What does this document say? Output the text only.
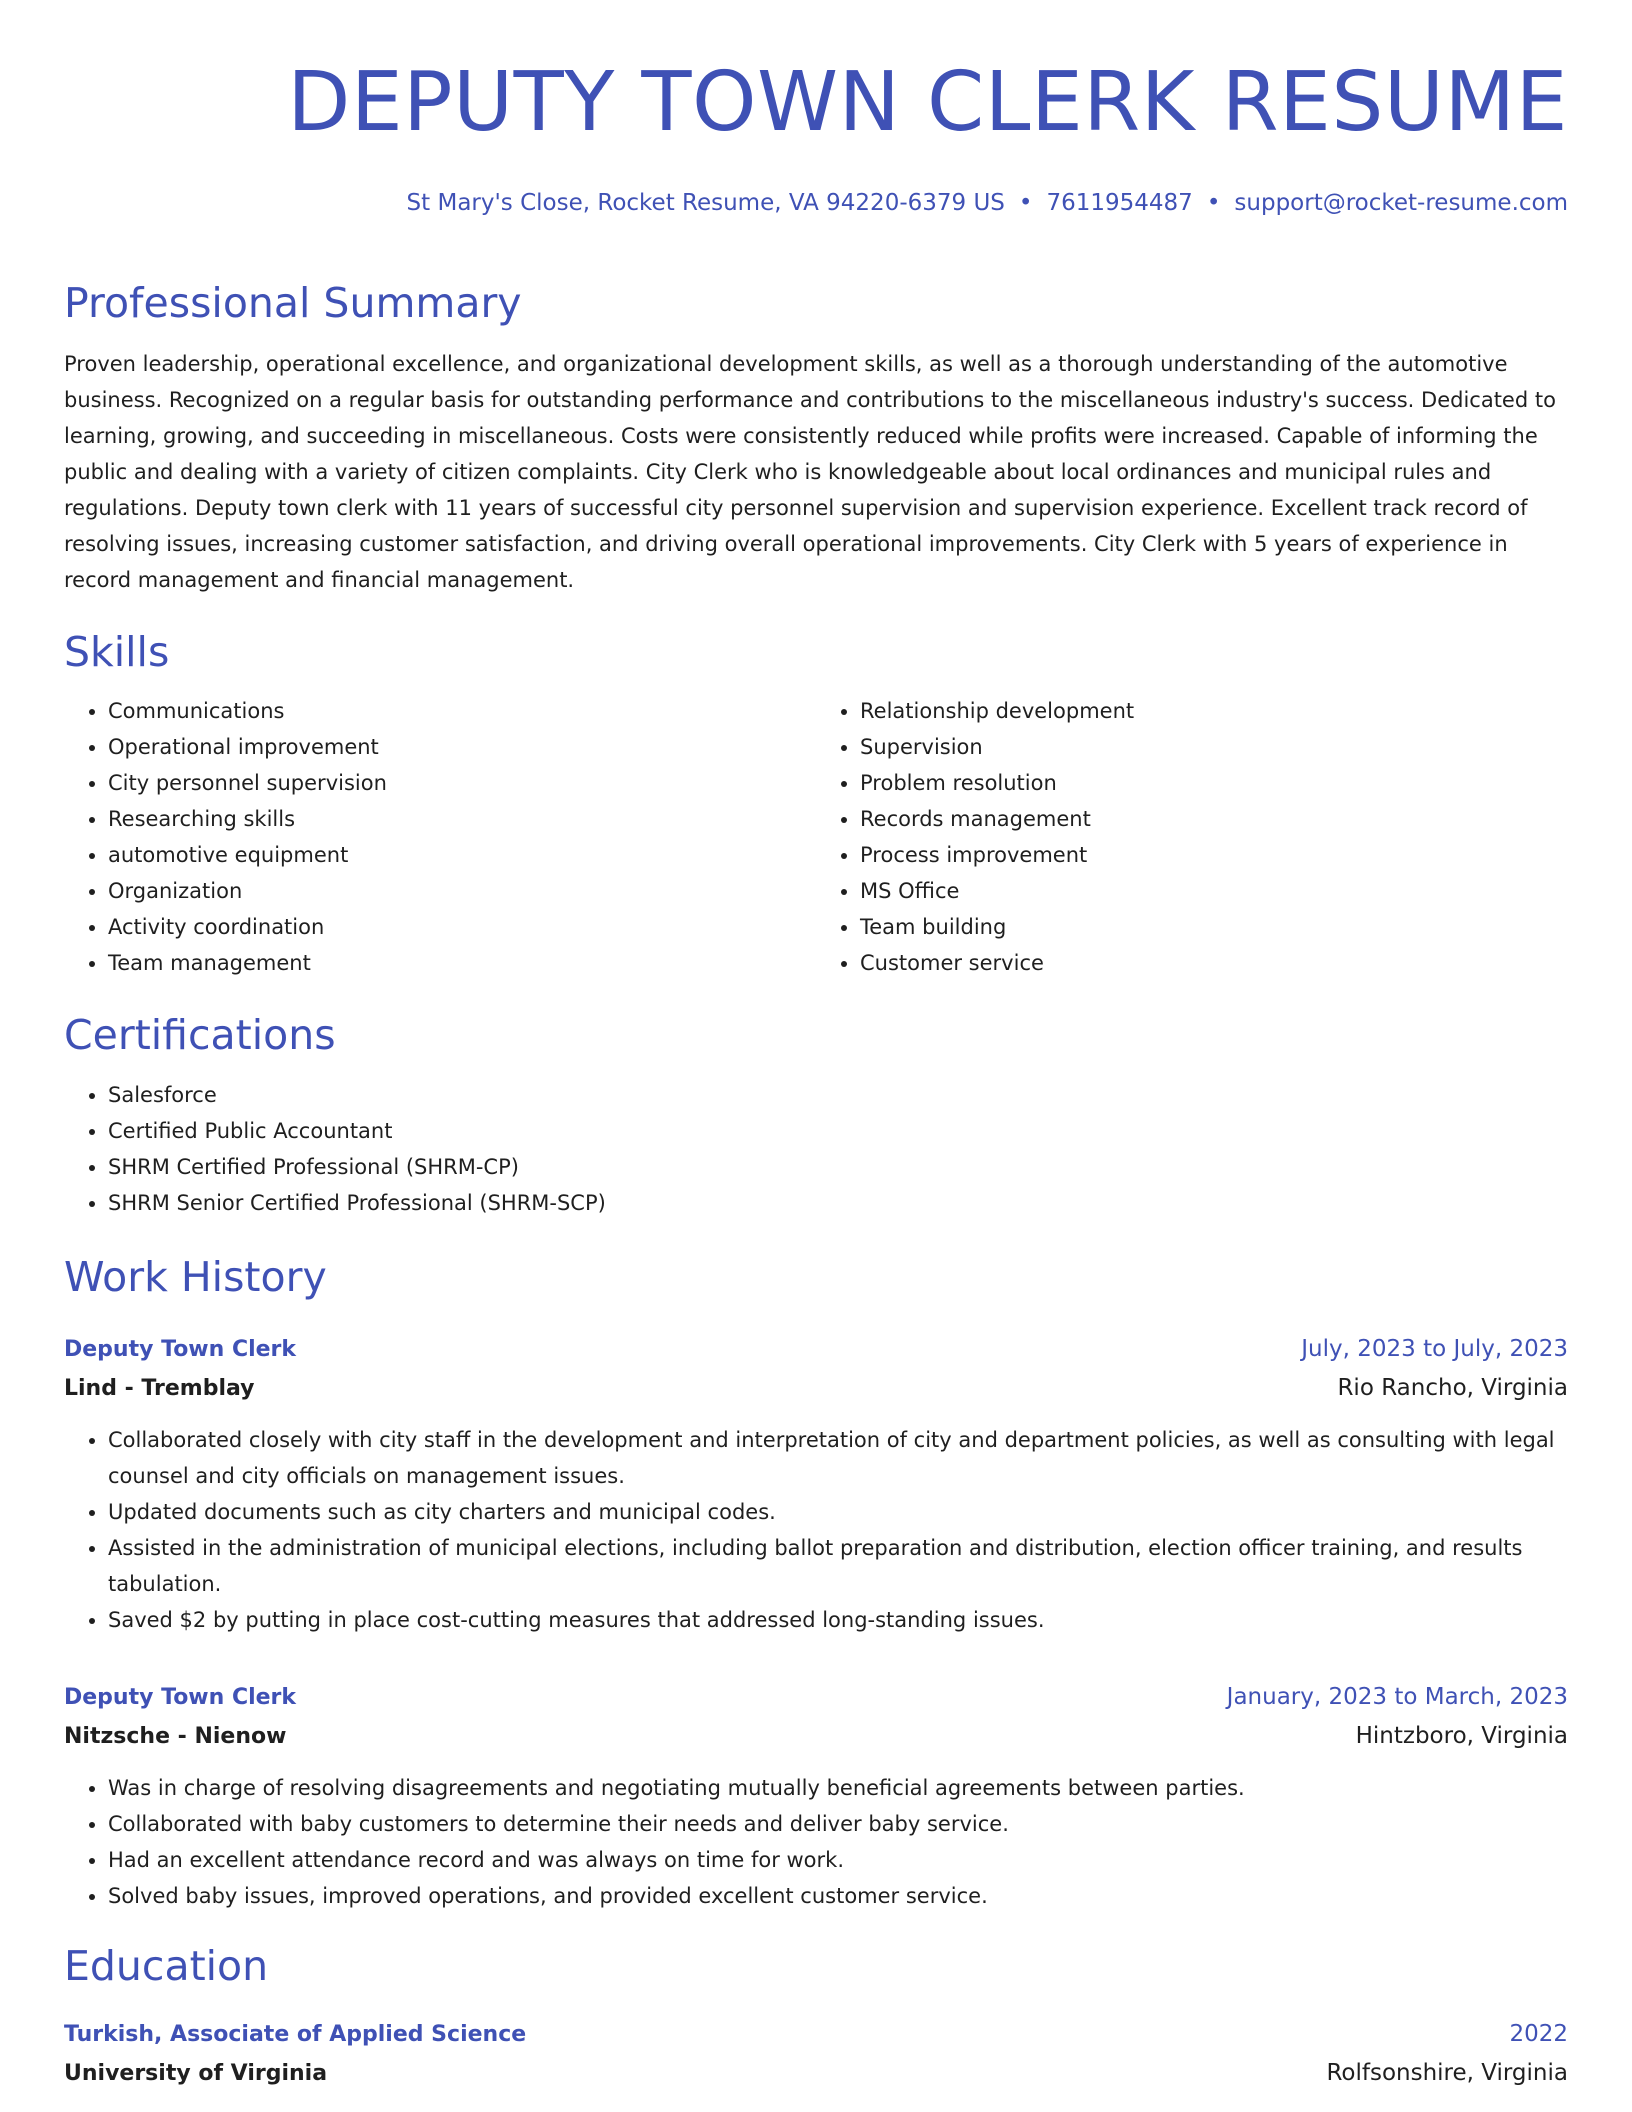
DEPUTY TOWN CLERK RESUME
St Mary's Close, Rocket Resume, VA 94220-6379 US • 7611954487 • support@rocket-resume.com
Professional Summary

Proven leadership, operational excellence, and organizational development skills, as well as a thorough understanding of the automotive business. Recognized on a regular basis for outstanding performance and contributions to the miscellaneous industry's success. Dedicated to learning, growing, and succeeding in miscellaneous. Costs were consistently reduced while profits were increased. Capable of informing the public and dealing with a variety of citizen complaints. City Clerk who is knowledgeable about local ordinances and municipal rules and regulations. Deputy town clerk with 11 years of successful city personnel supervision and supervision experience. Excellent track record of resolving issues, increasing customer satisfaction, and driving overall operational improvements. City Clerk with 5 years of experience in record management and financial management.

Skills
• Communications
• Operational improvement
• City personnel supervision
• Researching skills
• automotive equipment
• Organization
• Activity coordination
• Team management
• Relationship development
• Supervision
• Problem resolution
• Records management
• Process improvement
• MS Office
• Team building
• Customer service
Certifications
• Salesforce
• Certified Public Accountant
• SHRM Certified Professional (SHRM-CP)
• SHRM Senior Certified Professional (SHRM-SCP)
Work History
Deputy Town Clerk	July, 2023 to July, 2023
Lind - Tremblay	Rio Rancho, Virginia
• Collaborated closely with city staff in the development and interpretation of city and department policies, as well as consulting with legal counsel and city officials on management issues.
• Updated documents such as city charters and municipal codes.
• Assisted in the administration of municipal elections, including ballot preparation and distribution, election officer training, and results tabulation.
• Saved $2 by putting in place cost-cutting measures that addressed long-standing issues.
Deputy Town Clerk	January, 2023 to March, 2023
Nitzsche - Nienow	Hintzboro, Virginia
• Was in charge of resolving disagreements and negotiating mutually beneficial agreements between parties.
• Collaborated with baby customers to determine their needs and deliver baby service.
• Had an excellent attendance record and was always on time for work.
• Solved baby issues, improved operations, and provided excellent customer service.
Education
Turkish, Associate of Applied Science	2022
University of Virginia	Rolfsonshire, Virginia
